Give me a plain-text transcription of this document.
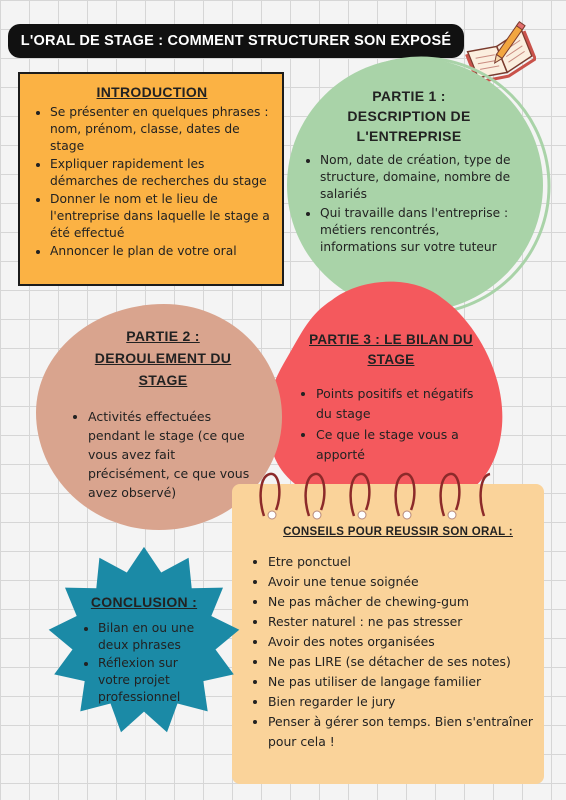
L'ORAL DE STAGE : COMMENT STRUCTURER SON EXPOSÉ
INTRODUCTION
• Se présenter en quelques phrases : nom, prénom, classe, dates de stage
• Expliquer rapidement les démarches de recherches du stage
• Donner le nom et le lieu de l'entreprise dans laquelle le stage a été effectué
• Annoncer le plan de votre oral
PARTIE 1 :
DESCRIPTION DE
L'ENTREPRISE
• Nom, date de création, type de structure, domaine, nombre de salariés
• Qui travaille dans l'entreprise : métiers rencontrés, informations sur votre tuteur
PARTIE 2 :
DEROULEMENT DU
STAGE
• Activités effectuées pendant le stage (ce que vous avez fait précisément, ce que vous avez observé)
PARTIE 3 : LE BILAN DU STAGE
• Points positifs et négatifs du stage
• Ce que le stage vous a apporté
CONSEILS POUR REUSSIR SON ORAL :
• Etre ponctuel
• Avoir une tenue soignée
• Ne pas mâcher de chewing-gum
• Rester naturel : ne pas stresser
• Avoir des notes organisées
• Ne pas LIRE (se détacher de ses notes)
• Ne pas utiliser de langage familier
• Bien regarder le jury
• Penser à gérer son temps. Bien s'entraîner pour cela !
CONCLUSION :
• Bilan en ou une deux phrases
• Réflexion sur votre projet professionnel
